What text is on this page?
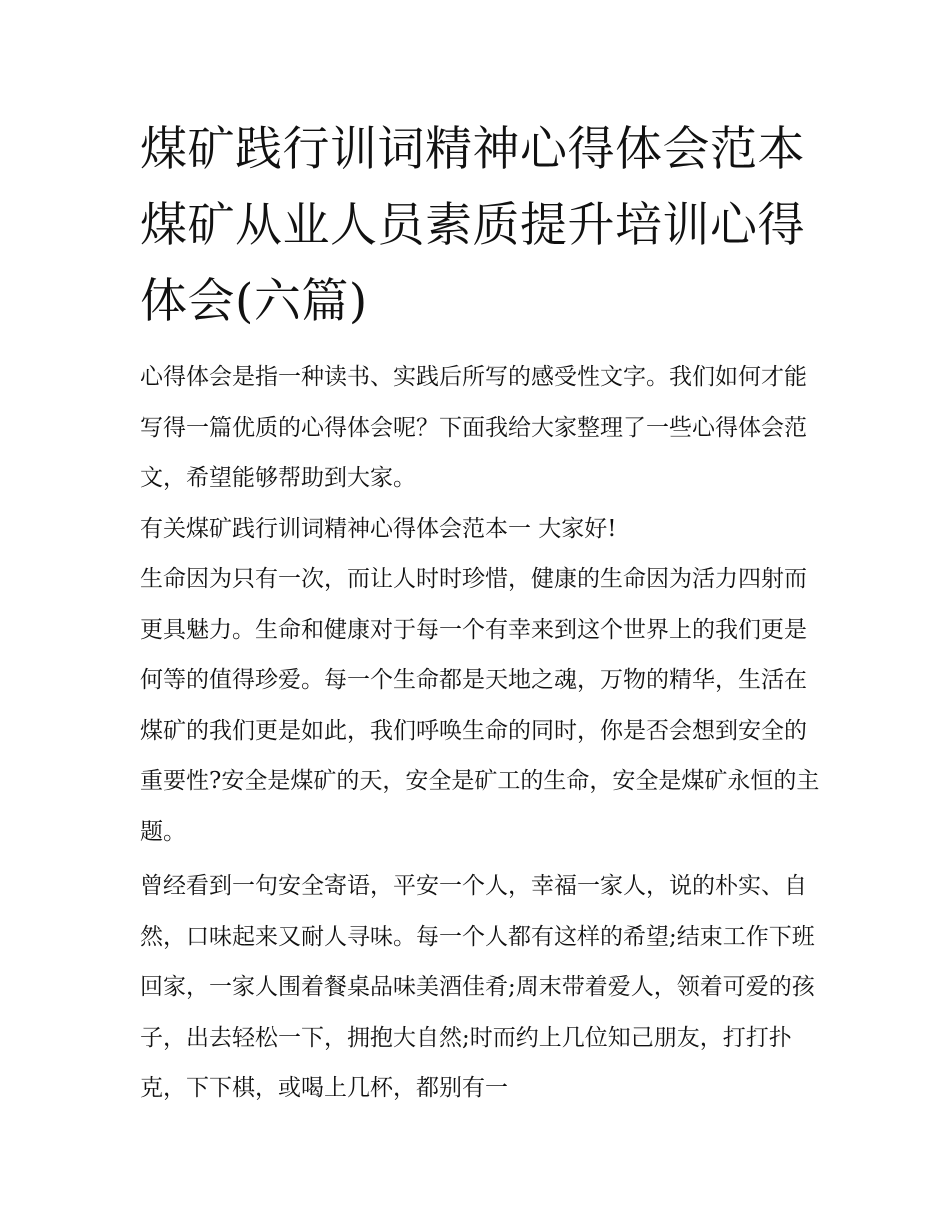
煤矿践行训词精神心得体会范本 煤矿从业人员素质提升培训心得体会(六篇)

心得体会是指一种读书、实践后所写的感受性文字。我们如何才能写得一篇优质的心得体会呢？下面我给大家整理了一些心得体会范文，希望能够帮助到大家。

有关煤矿践行训词精神心得体会范本一 大家好!

生命因为只有一次，而让人时时珍惜，健康的生命因为活力四射而更具魅力。生命和健康对于每一个有幸来到这个世界上的我们更是何等的值得珍爱。每一个生命都是天地之魂，万物的精华，生活在煤矿的我们更是如此，我们呼唤生命的同时，你是否会想到安全的重要性?安全是煤矿的天，安全是矿工的生命，安全是煤矿永恒的主题。

曾经看到一句安全寄语，平安一个人，幸福一家人，说的朴实、自然，口味起来又耐人寻味。每一个人都有这样的希望;结束工作下班回家，一家人围着餐桌品味美酒佳肴;周末带着爱人，领着可爱的孩子，出去轻松一下，拥抱大自然;时而约上几位知己朋友，打打扑克，下下棋，或喝上几杯，都别有一
